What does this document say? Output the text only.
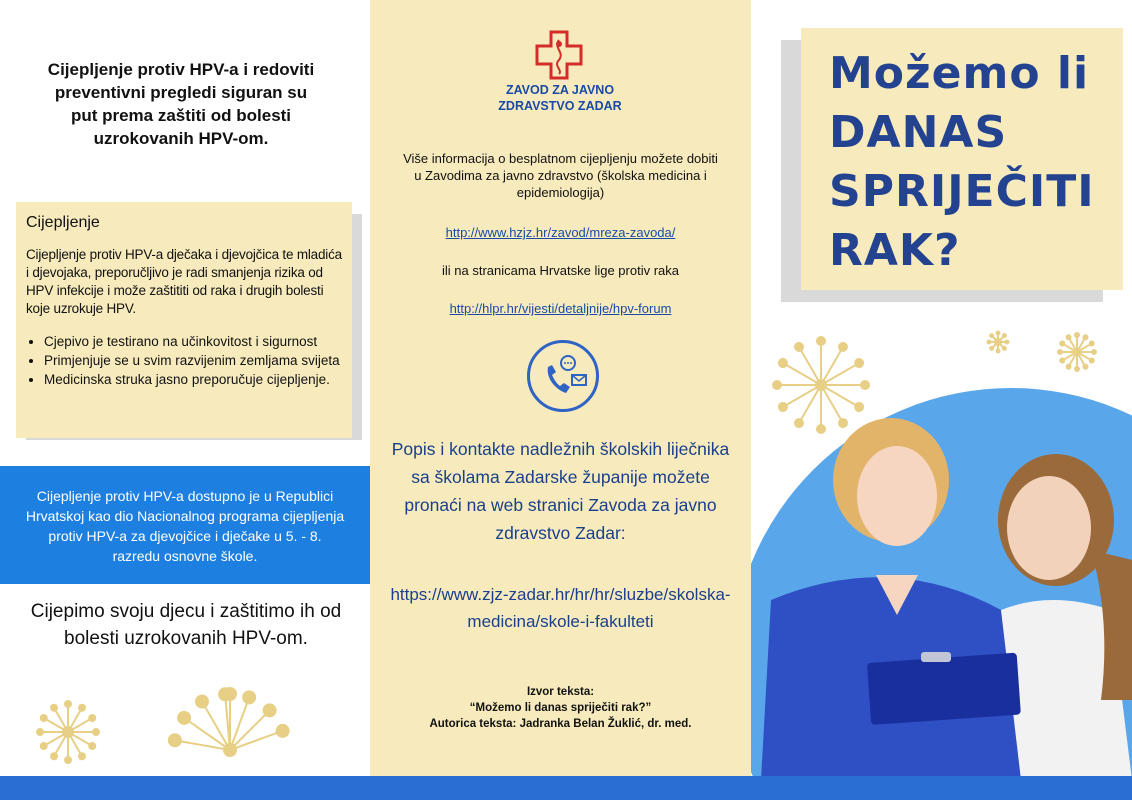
Cijepljenje protiv HPV-a i redoviti preventivni pregledi siguran su put prema zaštiti od bolesti uzrokovanih HPV-om.
Cijepljenje

Cijepljenje protiv HPV-a dječaka i djevojčica te mladića i djevojaka, preporučljivo je radi smanjenja rizika od HPV infekcije i može zaštititi od raka i drugih bolesti koje uzrokuje HPV.

• Cjepivo je testirano na učinkovitost i sigurnost
• Primjenjuje se u svim razvijenim zemljama svijeta
• Medicinska struka jasno preporučuje cijepljenje.
Cijepljenje protiv HPV-a dostupno je u Republici Hrvatskoj kao dio Nacionalnog programa cijepljenja protiv HPV-a za djevojčice i dječake u 5. - 8. razredu osnovne škole.
Cijepimo svoju djecu i zaštitimo ih od bolesti uzrokovanih HPV-om.
ZAVOD ZA JAVNO
ZDRAVSTVO ZADAR
Više informacija o besplatnom cijepljenju možete dobiti u Zavodima za javno zdravstvo (školska medicina i epidemiologija)
http://www.hzjz.hr/zavod/mreza-zavoda/
ili na stranicama Hrvatske lige protiv raka
http://hlpr.hr/vijesti/detaljnije/hpv-forum
Popis i kontakte nadležnih školskih liječnika sa školama Zadarske županije možete pronaći na web stranici Zavoda za javno zdravstvo Zadar:
https://www.zjz-zadar.hr/hr/hr/sluzbe/skolska-medicina/skole-i-fakulteti
Izvor teksta:
“Možemo li danas spriječiti rak?”
Autorica teksta: Jadranka Belan Žuklić, dr. med.
Možemo li
DANAS
SPRIJEČITI
RAK?
